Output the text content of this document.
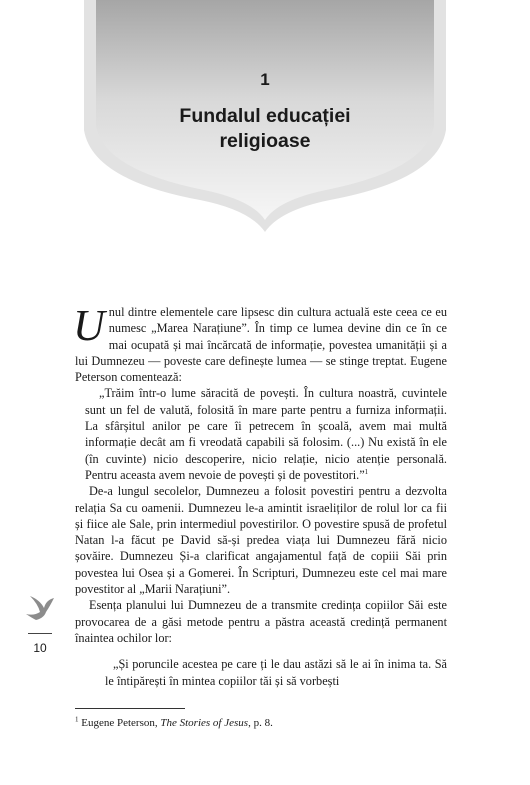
1
Fundalul educației
religioase

Unul dintre elementele care lipsesc din cultura actuală este ceea ce eu numesc „Marea Narațiune”. În timp ce lumea devine din ce în ce mai ocupată și mai încărcată de informație, povestea umanității și a lui Dumnezeu — poveste care definește lumea — se stinge treptat. Eugene Peterson comentează:

„Trăim într-o lume săracită de povești. În cultura noastră, cuvintele sunt un fel de valută, folosită în mare parte pentru a furniza informații. La sfârșitul anilor pe care îi petrecem în școală, avem mai multă informație decât am fi vreodată capabili să folosim. (...) Nu există în ele (în cuvinte) nicio descoperire, nicio relație, nicio atenție personală. Pentru aceasta avem nevoie de povești și de povestitori.”$^1$

De-a lungul secolelor, Dumnezeu a folosit povestiri pentru a dezvolta relația Sa cu oamenii. Dumnezeu le-a amintit israeliților de rolul lor ca fii și fiice ale Sale, prin intermediul povestirilor. O povestire spusă de profetul Natan l-a făcut pe David să-și predea viața lui Dumnezeu fără nicio șovăire. Dumnezeu Și-a clarificat angajamentul față de copiii Săi prin povestea lui Osea și a Gomerei. În Scripturi, Dumnezeu este cel mai mare povestitor al „Marii Narațiuni”.

Esența planului lui Dumnezeu de a transmite credința copiilor Săi este provocarea de a găsi metode pentru a păstra această credință permanent înaintea ochilor lor:

„Și poruncile acestea pe care ți le dau astăzi să le ai în inima ta. Să le întipărești în mintea copiilor tăi și să vorbești

$^1$ Eugene Peterson, The Stories of Jesus, p. 8.
10
